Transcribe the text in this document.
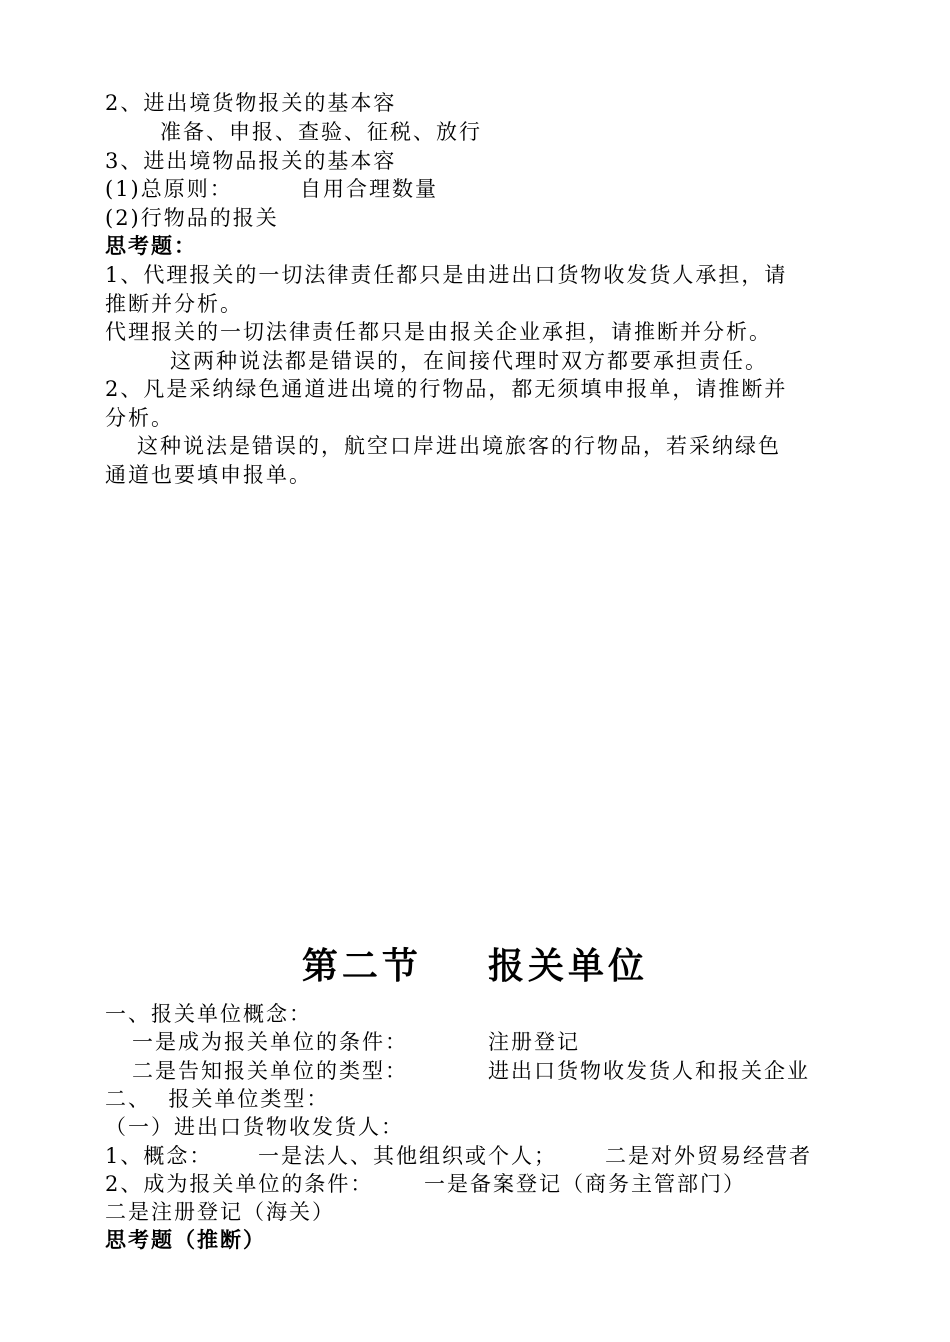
2、进出境货物报关的基本容
准备、申报、查验、征税、放行
3、进出境物品报关的基本容
(1)总原则：	自用合理数量
(2)行物品的报关
思考题：
1、代理报关的一切法律责任都只是由进出口货物收发货人承担，请
推断并分析。
代理报关的一切法律责任都只是由报关企业承担，请推断并分析。
这两种说法都是错误的，在间接代理时双方都要承担责任。
2、凡是采纳绿色通道进出境的行物品，都无须填申报单，请推断并
分析。
这种说法是错误的，航空口岸进出境旅客的行物品，若采纳绿色
通道也要填申报单。
第二节    报关单位
一、报关单位概念：
一是成为报关单位的条件：	注册登记
二是告知报关单位的类型：	进出口货物收发货人和报关企业
二、  报关单位类型：
（一）进出口货物收发货人：
1、概念： 一是法人、其他组织或个人； 二是对外贸易经营者
2、成为报关单位的条件： 一是备案登记（商务主管部门）
二是注册登记（海关）
思考题（推断）
